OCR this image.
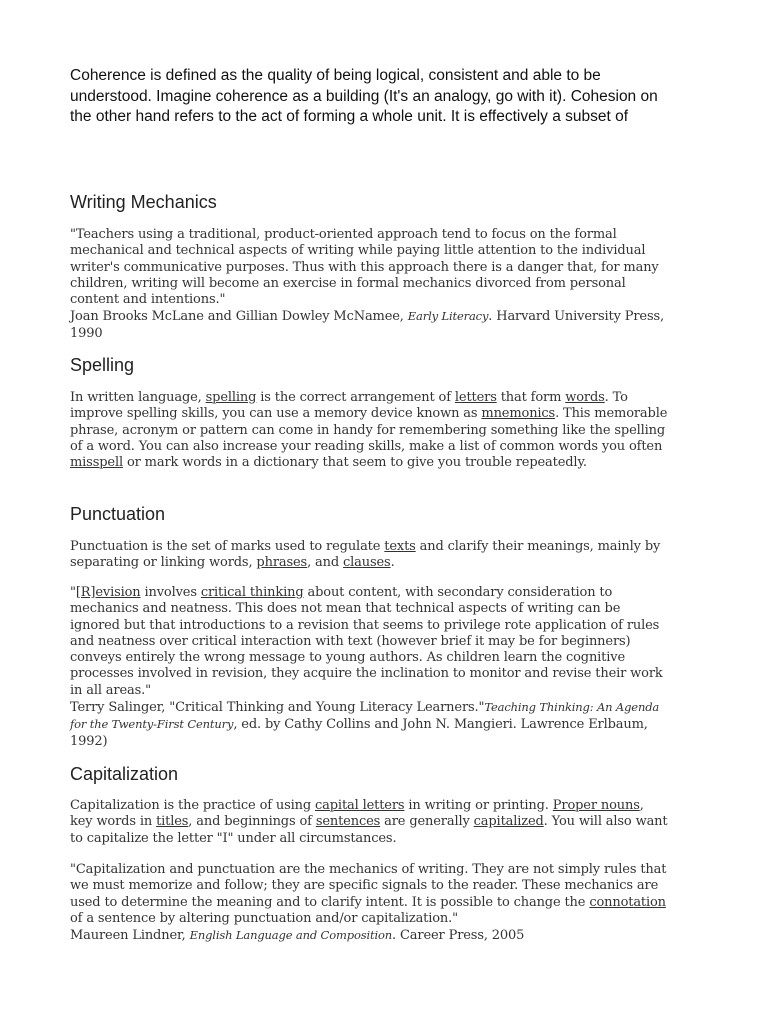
Coherence is defined as the quality of being logical, consistent and able to be understood. Imagine coherence as a building (It's an analogy, go with it). Cohesion on the other hand refers to the act of forming a whole unit. It is effectively a subset of

Writing Mechanics

"Teachers using a traditional, product-oriented approach tend to focus on the formal mechanical and technical aspects of writing while paying little attention to the individual writer's communicative purposes. Thus with this approach there is a danger that, for many children, writing will become an exercise in formal mechanics divorced from personal content and intentions."
Joan Brooks McLane and Gillian Dowley McNamee, Early Literacy. Harvard University Press, 1990

Spelling

In written language, spelling is the correct arrangement of letters that form words. To improve spelling skills, you can use a memory device known as mnemonics. This memorable phrase, acronym or pattern can come in handy for remembering something like the spelling of a word. You can also increase your reading skills, make a list of common words you often misspell or mark words in a dictionary that seem to give you trouble repeatedly.

Punctuation

Punctuation is the set of marks used to regulate texts and clarify their meanings, mainly by separating or linking words, phrases, and clauses.

"[R]evision involves critical thinking about content, with secondary consideration to mechanics and neatness. This does not mean that technical aspects of writing can be ignored but that introductions to a revision that seems to privilege rote application of rules and neatness over critical interaction with text (however brief it may be for beginners) conveys entirely the wrong message to young authors. As children learn the cognitive processes involved in revision, they acquire the inclination to monitor and revise their work in all areas."
Terry Salinger, "Critical Thinking and Young Literacy Learners."Teaching Thinking: An Agenda for the Twenty-First Century, ed. by Cathy Collins and John N. Mangieri. Lawrence Erlbaum, 1992)

Capitalization

Capitalization is the practice of using capital letters in writing or printing. Proper nouns, key words in titles, and beginnings of sentences are generally capitalized. You will also want to capitalize the letter "I" under all circumstances.

"Capitalization and punctuation are the mechanics of writing. They are not simply rules that we must memorize and follow; they are specific signals to the reader. These mechanics are used to determine the meaning and to clarify intent. It is possible to change the connotation of a sentence by altering punctuation and/or capitalization."
Maureen Lindner, English Language and Composition. Career Press, 2005
